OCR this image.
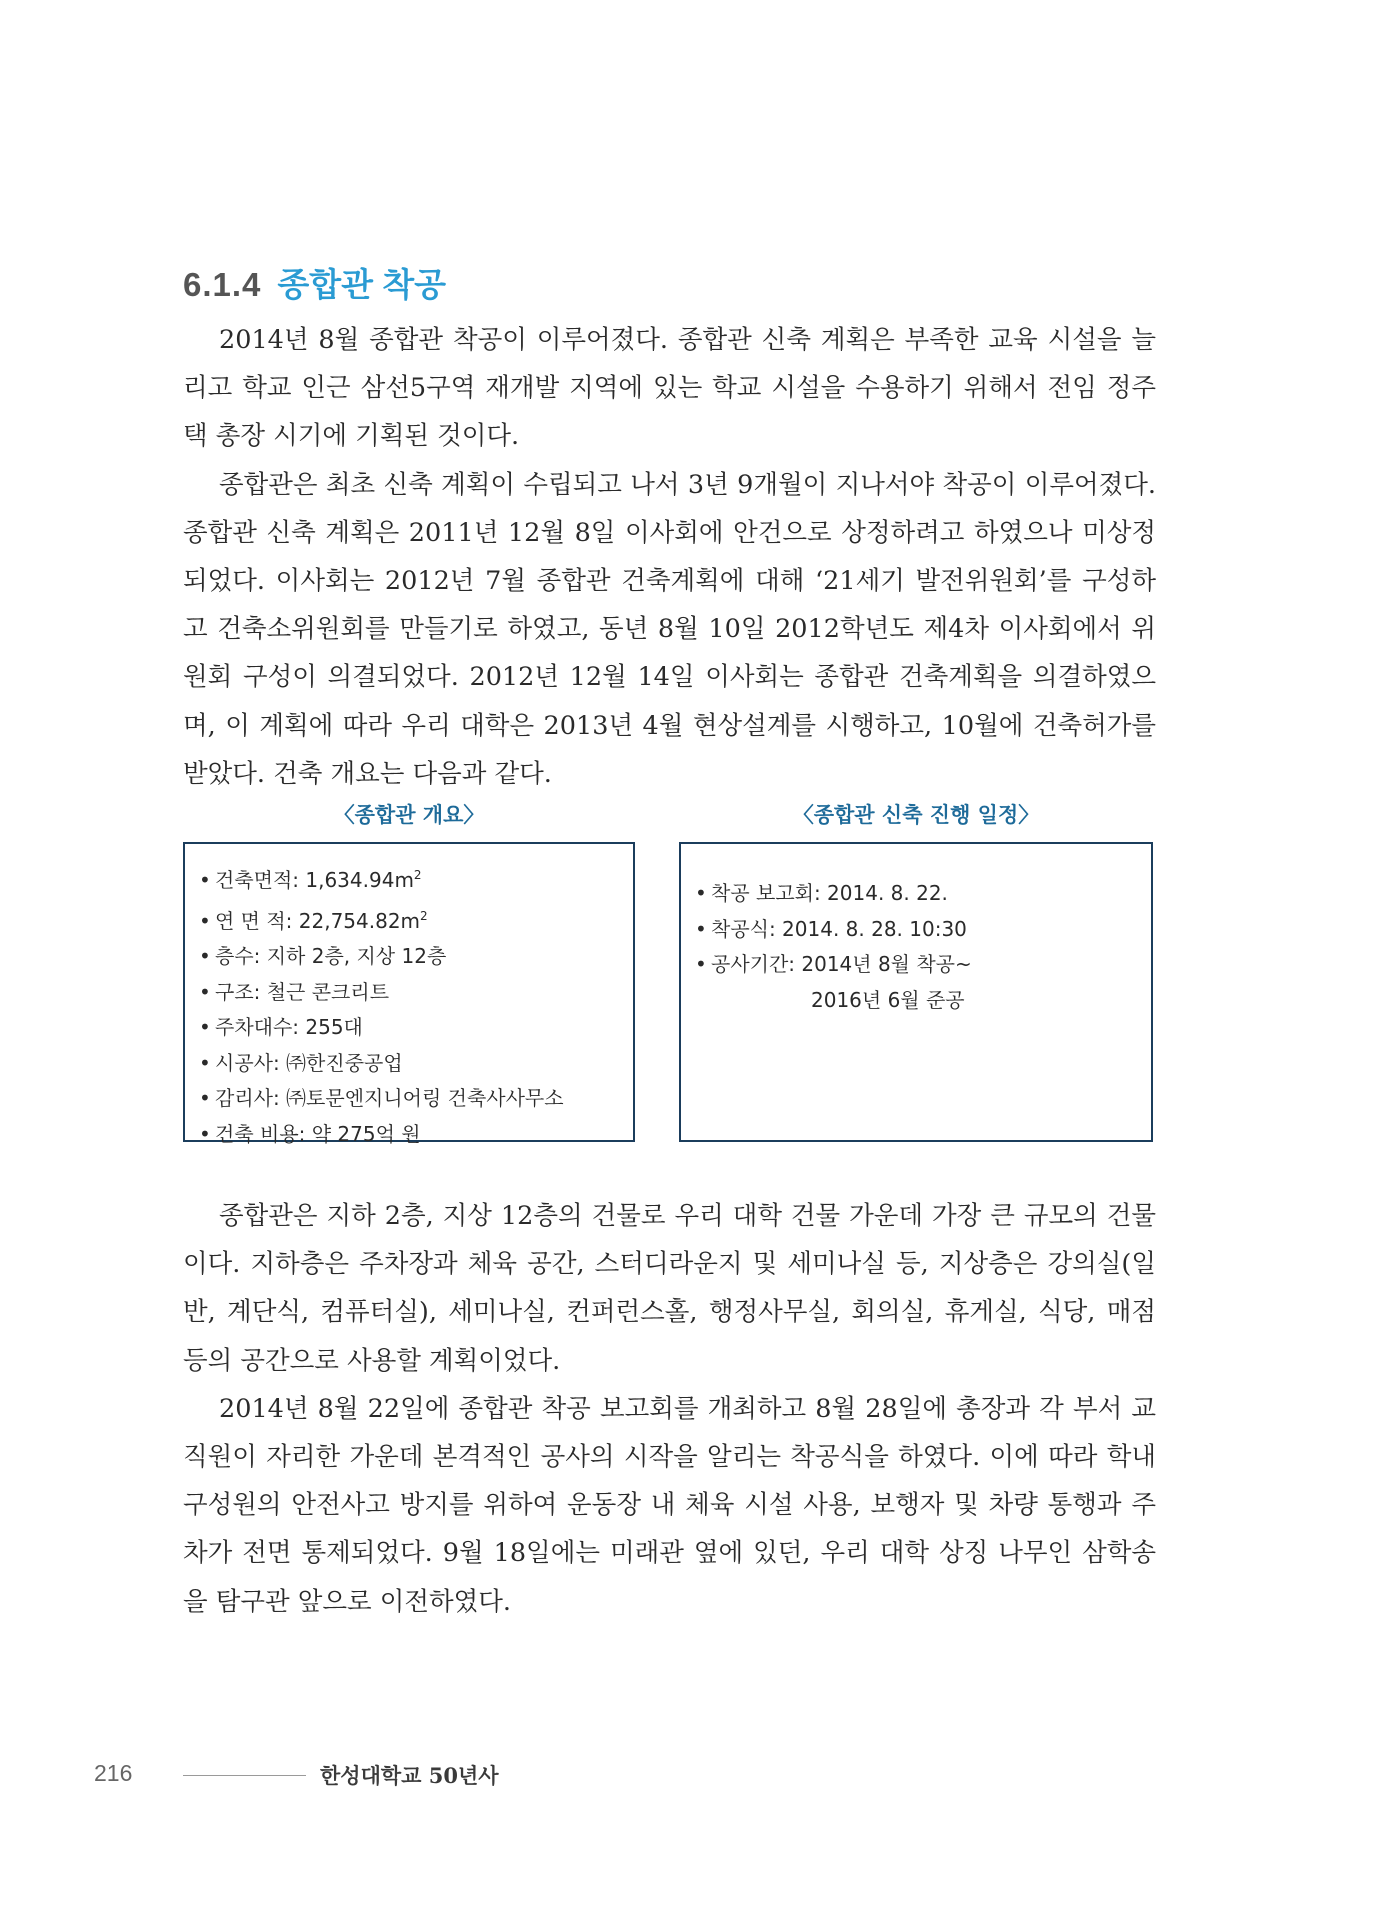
6.1.4 종합관 착공

2014년 8월 종합관 착공이 이루어졌다. 종합관 신축 계획은 부족한 교육 시설을 늘리고 학교 인근 삼선5구역 재개발 지역에 있는 학교 시설을 수용하기 위해서 전임 정주택 총장 시기에 기획된 것이다.

종합관은 최초 신축 계획이 수립되고 나서 3년 9개월이 지나서야 착공이 이루어졌다. 종합관 신축 계획은 2011년 12월 8일 이사회에 안건으로 상정하려고 하였으나 미상정되었다. 이사회는 2012년 7월 종합관 건축계획에 대해 ‘21세기 발전위원회’를 구성하고 건축소위원회를 만들기로 하였고, 동년 8월 10일 2012학년도 제4차 이사회에서 위원회 구성이 의결되었다. 2012년 12월 14일 이사회는 종합관 건축계획을 의결하였으며, 이 계획에 따라 우리 대학은 2013년 4월 현상설계를 시행하고, 10월에 건축허가를 받았다. 건축 개요는 다음과 같다.

〈종합관 개요〉
• 건축면적: $1,634.94m^2$
• 연 면 적: $22,754.82m^2$
• 층수: 지하 2층, 지상 12층
• 구조: 철근 콘크리트
• 주차대수: 255대
• 시공사: ㈜한진중공업
• 감리사: ㈜토문엔지니어링 건축사사무소
• 건축 비용: 약 275억 원
〈종합관 신축 진행 일정〉
• 착공 보고회: 2014. 8. 22.
• 착공식: 2014. 8. 28. 10:30
• 공사기간: 2014년 8월 착공~
2016년 6월 준공

종합관은 지하 2층, 지상 12층의 건물로 우리 대학 건물 가운데 가장 큰 규모의 건물이다. 지하층은 주차장과 체육 공간, 스터디라운지 및 세미나실 등, 지상층은 강의실(일반, 계단식, 컴퓨터실), 세미나실, 컨퍼런스홀, 행정사무실, 회의실, 휴게실, 식당, 매점 등의 공간으로 사용할 계획이었다.

2014년 8월 22일에 종합관 착공 보고회를 개최하고 8월 28일에 총장과 각 부서 교직원이 자리한 가운데 본격적인 공사의 시작을 알리는 착공식을 하였다. 이에 따라 학내 구성원의 안전사고 방지를 위하여 운동장 내 체육 시설 사용, 보행자 및 차량 통행과 주차가 전면 통제되었다. 9월 18일에는 미래관 옆에 있던, 우리 대학 상징 나무인 삼학송을 탐구관 앞으로 이전하였다.

216	한성대학교 50년사
